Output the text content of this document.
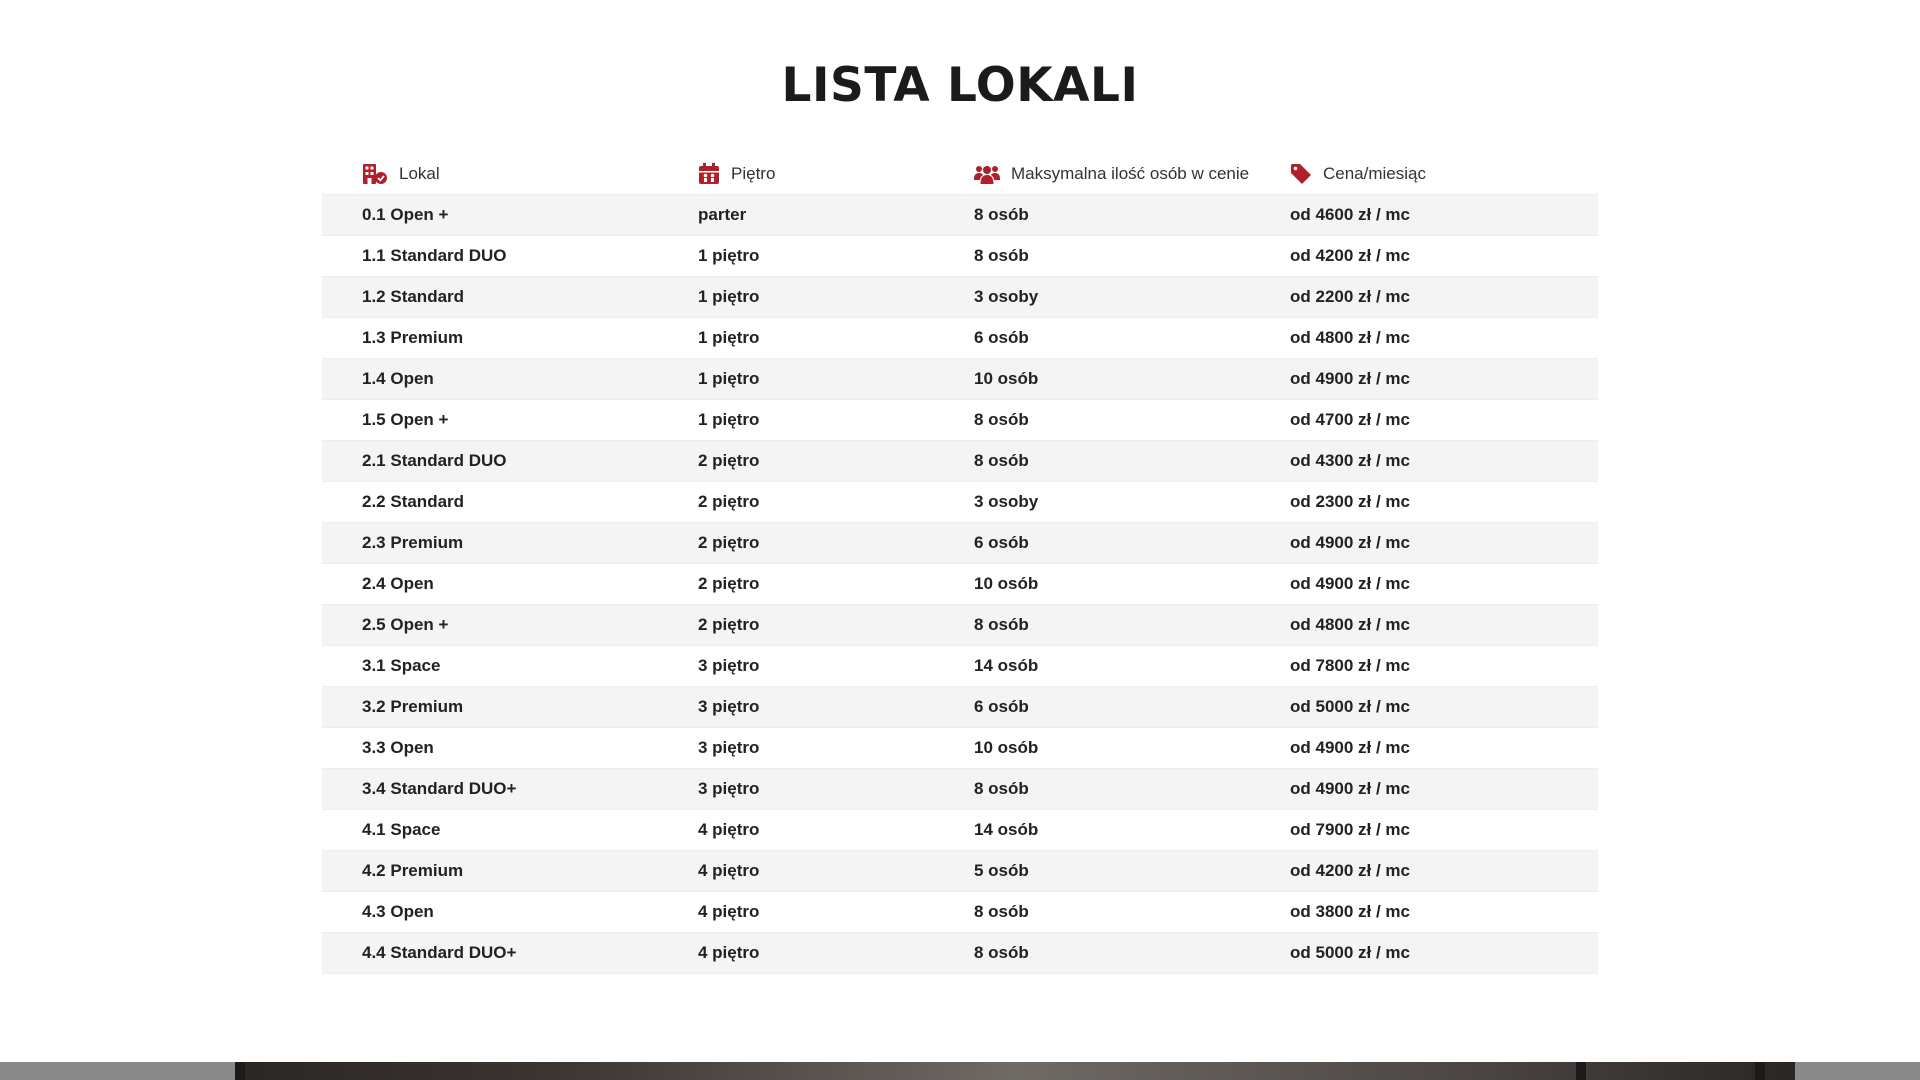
LISTA LOKALI
Lokal	Piętro	Maksymalna ilość osób w cenie	Cena/miesiąc
0.1 Open +	parter	8 osób	od 4600 zł / mc
1.1 Standard DUO	1 piętro	8 osób	od 4200 zł / mc
1.2 Standard	1 piętro	3 osoby	od 2200 zł / mc
1.3 Premium	1 piętro	6 osób	od 4800 zł / mc
1.4 Open	1 piętro	10 osób	od 4900 zł / mc
1.5 Open +	1 piętro	8 osób	od 4700 zł / mc
2.1 Standard DUO	2 piętro	8 osób	od 4300 zł / mc
2.2 Standard	2 piętro	3 osoby	od 2300 zł / mc
2.3 Premium	2 piętro	6 osób	od 4900 zł / mc
2.4 Open	2 piętro	10 osób	od 4900 zł / mc
2.5 Open +	2 piętro	8 osób	od 4800 zł / mc
3.1 Space	3 piętro	14 osób	od 7800 zł / mc
3.2 Premium	3 piętro	6 osób	od 5000 zł / mc
3.3 Open	3 piętro	10 osób	od 4900 zł / mc
3.4 Standard DUO+	3 piętro	8 osób	od 4900 zł / mc
4.1 Space	4 piętro	14 osób	od 7900 zł / mc
4.2 Premium	4 piętro	5 osób	od 4200 zł / mc
4.3 Open	4 piętro	8 osób	od 3800 zł / mc
4.4 Standard DUO+	4 piętro	8 osób	od 5000 zł / mc
